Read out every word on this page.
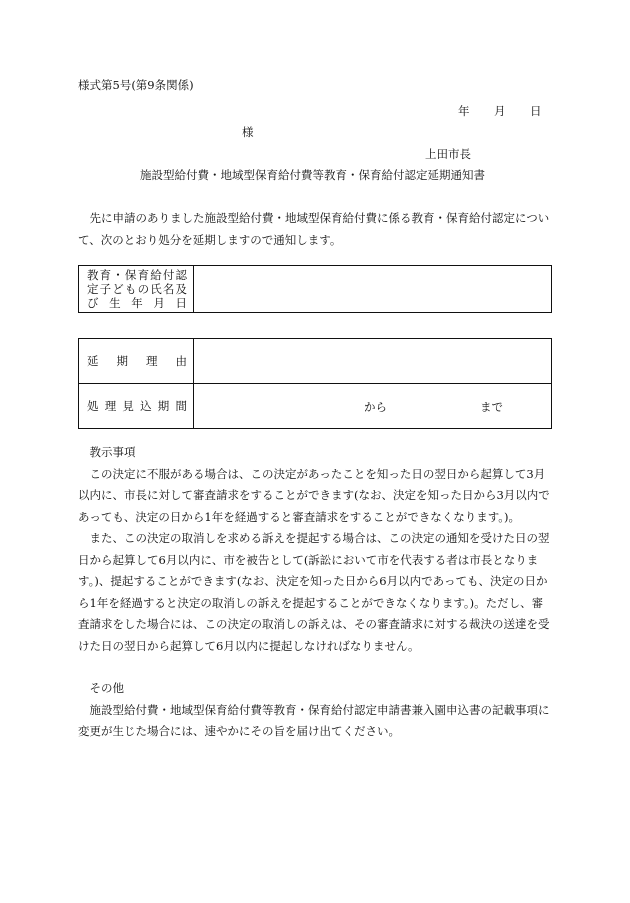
様式第5号(第9条関係)
年 月 日
様
上田市長
施設型給付費・地域型保育給付費等教育・保育給付認定延期通知書

先に申請のありました施設型給付費・地域型保育給付費に係る教育・保育給付認定について、次のとおり処分を延期しますので通知します。

教育・保育給付認
定子どもの氏名及
び 生 年 月 日

延期理由	

処理見込期間	から まで

教示事項

この決定に不服がある場合は、この決定があったことを知った日の翌日から起算して3月以内に、市長に対して審査請求をすることができます(なお、決定を知った日から3月以内であっても、決定の日から1年を経過すると審査請求をすることができなくなります。)。

また、この決定の取消しを求める訴えを提起する場合は、この決定の通知を受けた日の翌日から起算して6月以内に、市を被告として(訴訟において市を代表する者は市長となります。)、提起することができます(なお、決定を知った日から6月以内であっても、決定の日から1年を経過すると決定の取消しの訴えを提起することができなくなります。)。ただし、審査請求をした場合には、この決定の取消しの訴えは、その審査請求に対する裁決の送達を受けた日の翌日から起算して6月以内に提起しなければなりません。

その他

施設型給付費・地域型保育給付費等教育・保育給付認定申請書兼入園申込書の記載事項に変更が生じた場合には、速やかにその旨を届け出てください。
